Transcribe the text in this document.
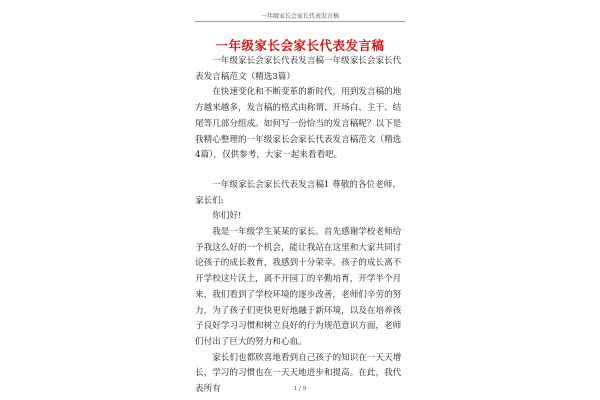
一年级家长会家长代表发言稿
一年级家长会家长代表发言稿

一年级家长会家长代表发言稿一年级家长会家长代表发言稿范文（精选3篇）

在快速变化和不断变革的新时代，用到发言稿的地方越来越多，发言稿的格式由称谓、开场白、主干、结尾等几部分组成。如何写一份恰当的发言稿呢？以下是我精心整理的一年级家长会家长代表发言稿范文（精选4篇），仅供参考，大家一起来看看吧。

一年级家长会家长代表发言稿1 尊敬的各位老师、家长们:

你们好!

我是一年级学生某某的家长。首先感谢学校老师给予我这么好的一个机会，能让我站在这里和大家共同讨论孩子的成长教育，我感到十分荣幸。孩子的成长离不开学校这片沃土，离不开园丁的辛勤培育，开学半个月来，我们看到了学校环境的逐步改善，老师们辛劳的努力，为了孩子们更快更好地融于新环境，以及在培养孩子良好学习习惯和树立良好的行为规范意识方面，老师们付出了巨大的努力和心血。

家长们也都欣喜地看到自己孩子的知识在一天天增长，学习的习惯也在一天天地进步和提高。在此，我代表所有	1 / 9
